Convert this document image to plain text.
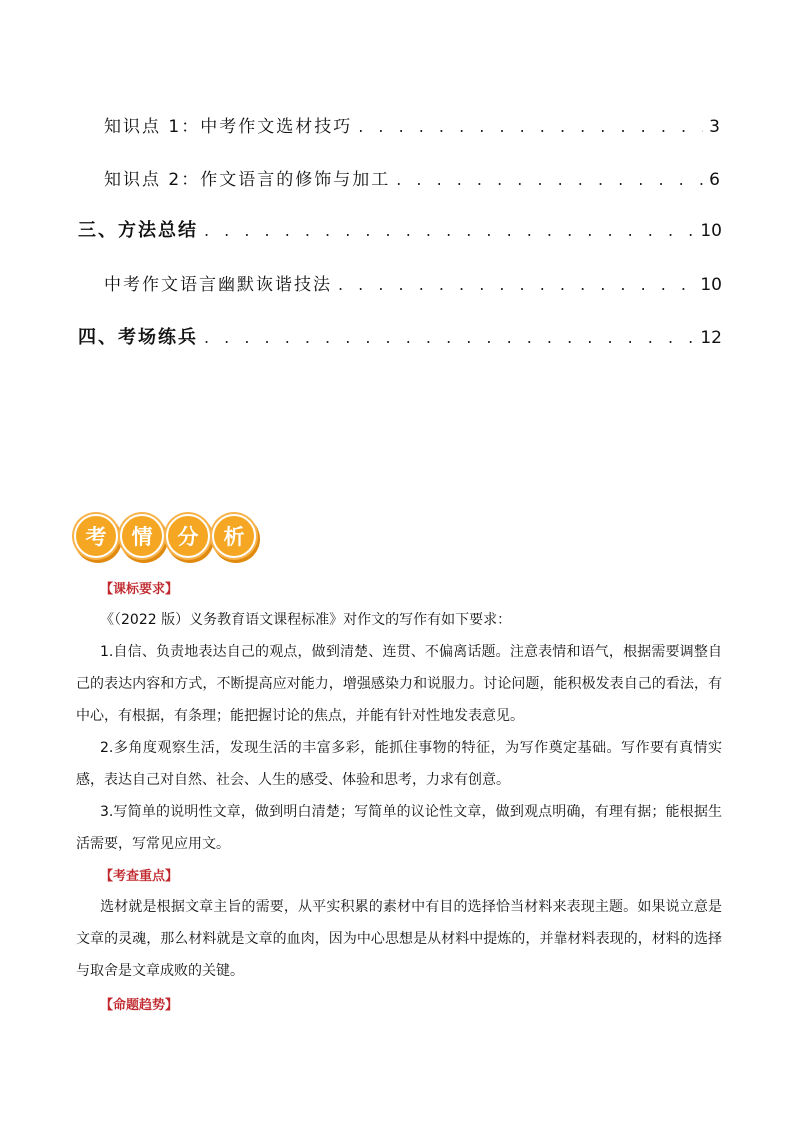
知识点 1：中考作文选材技巧 . . .	3
知识点 2：作文语言的修饰与加工 . . .	6
三、方法总结 . . .	10
中考作文语言幽默诙谐技法 . . .	10
四、考场练兵 . . .	12
考	情	分	析
【课标要求】
《（2022 版）义务教育语文课程标准》对作文的写作有如下要求：
1.自信、负责地表达自己的观点，做到清楚、连贯、不偏离话题。注意表情和语气，根据需要调整自己的表达内容和方式，不断提高应对能力，增强感染力和说服力。讨论问题，能积极发表自己的看法，有中心，有根据，有条理；能把握讨论的焦点，并能有针对性地发表意见。
2.多角度观察生活，发现生活的丰富多彩，能抓住事物的特征，为写作奠定基础。写作要有真情实感，表达自己对自然、社会、人生的感受、体验和思考，力求有创意。
3.写简单的说明性文章，做到明白清楚；写简单的议论性文章，做到观点明确，有理有据；能根据生活需要，写常见应用文。
【考查重点】
选材就是根据文章主旨的需要，从平实积累的素材中有目的选择恰当材料来表现主题。如果说立意是文章的灵魂，那么材料就是文章的血肉，因为中心思想是从材料中提炼的，并靠材料表现的，材料的选择与取舍是文章成败的关键。
【命题趋势】
